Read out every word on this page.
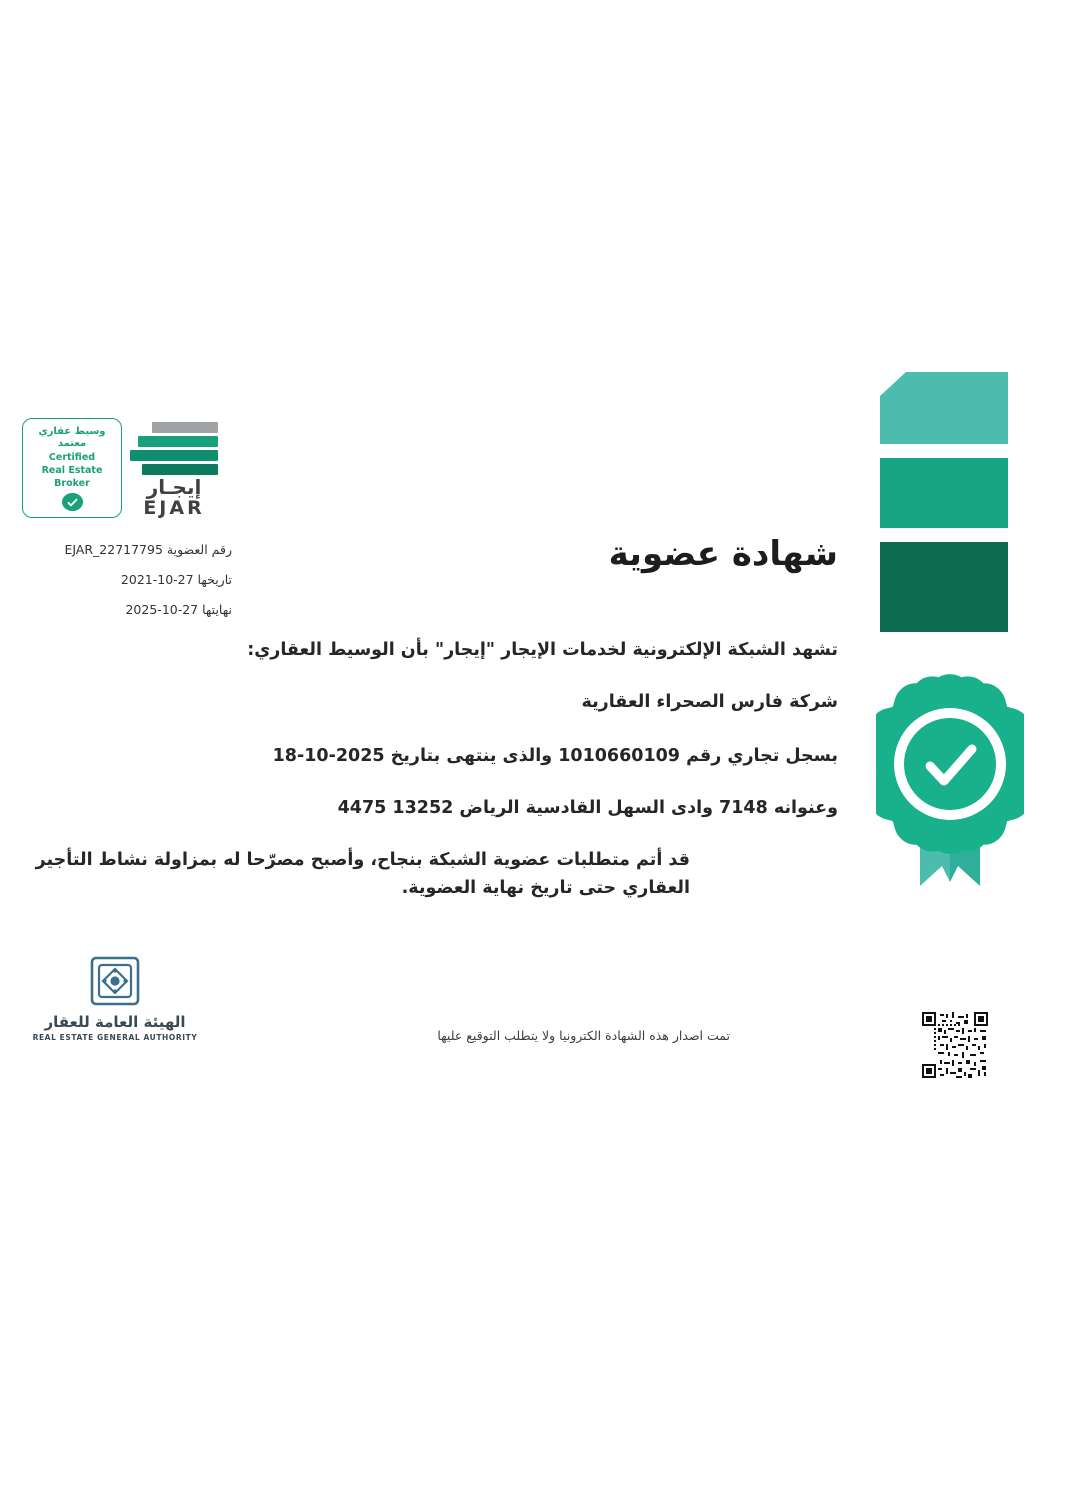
وسيط عقاري
معتمد
Certified
Real Estate
Broker	إيجـار
EJAR
رقم العضوية EJAR_22717795
تاريخها 27-10-2021
نهايتها 27-10-2025
شهادة عضوية

تشهد الشبكة الإلكترونية لخدمات الإيجار "إيجار" بأن الوسيط العقاري:

شركة فارس الصحراء العقارية

بسجل تجاري رقم 1010660109 والذى ينتهى بتاريخ 2025-10-18

وعنوانه 7148 وادى السهل القادسية الرياض 13252 4475

قد أتم متطلبات عضوية الشبكة بنجاح، وأصبح مصرّحا له بمزاولة نشاط التأجير العقاري حتى تاريخ نهاية العضوية.

الهيئة العامة للعقار
REAL ESTATE GENERAL AUTHORITY	تمت اصدار هذه الشهادة الكترونيا ولا يتطلب التوقيع عليها
